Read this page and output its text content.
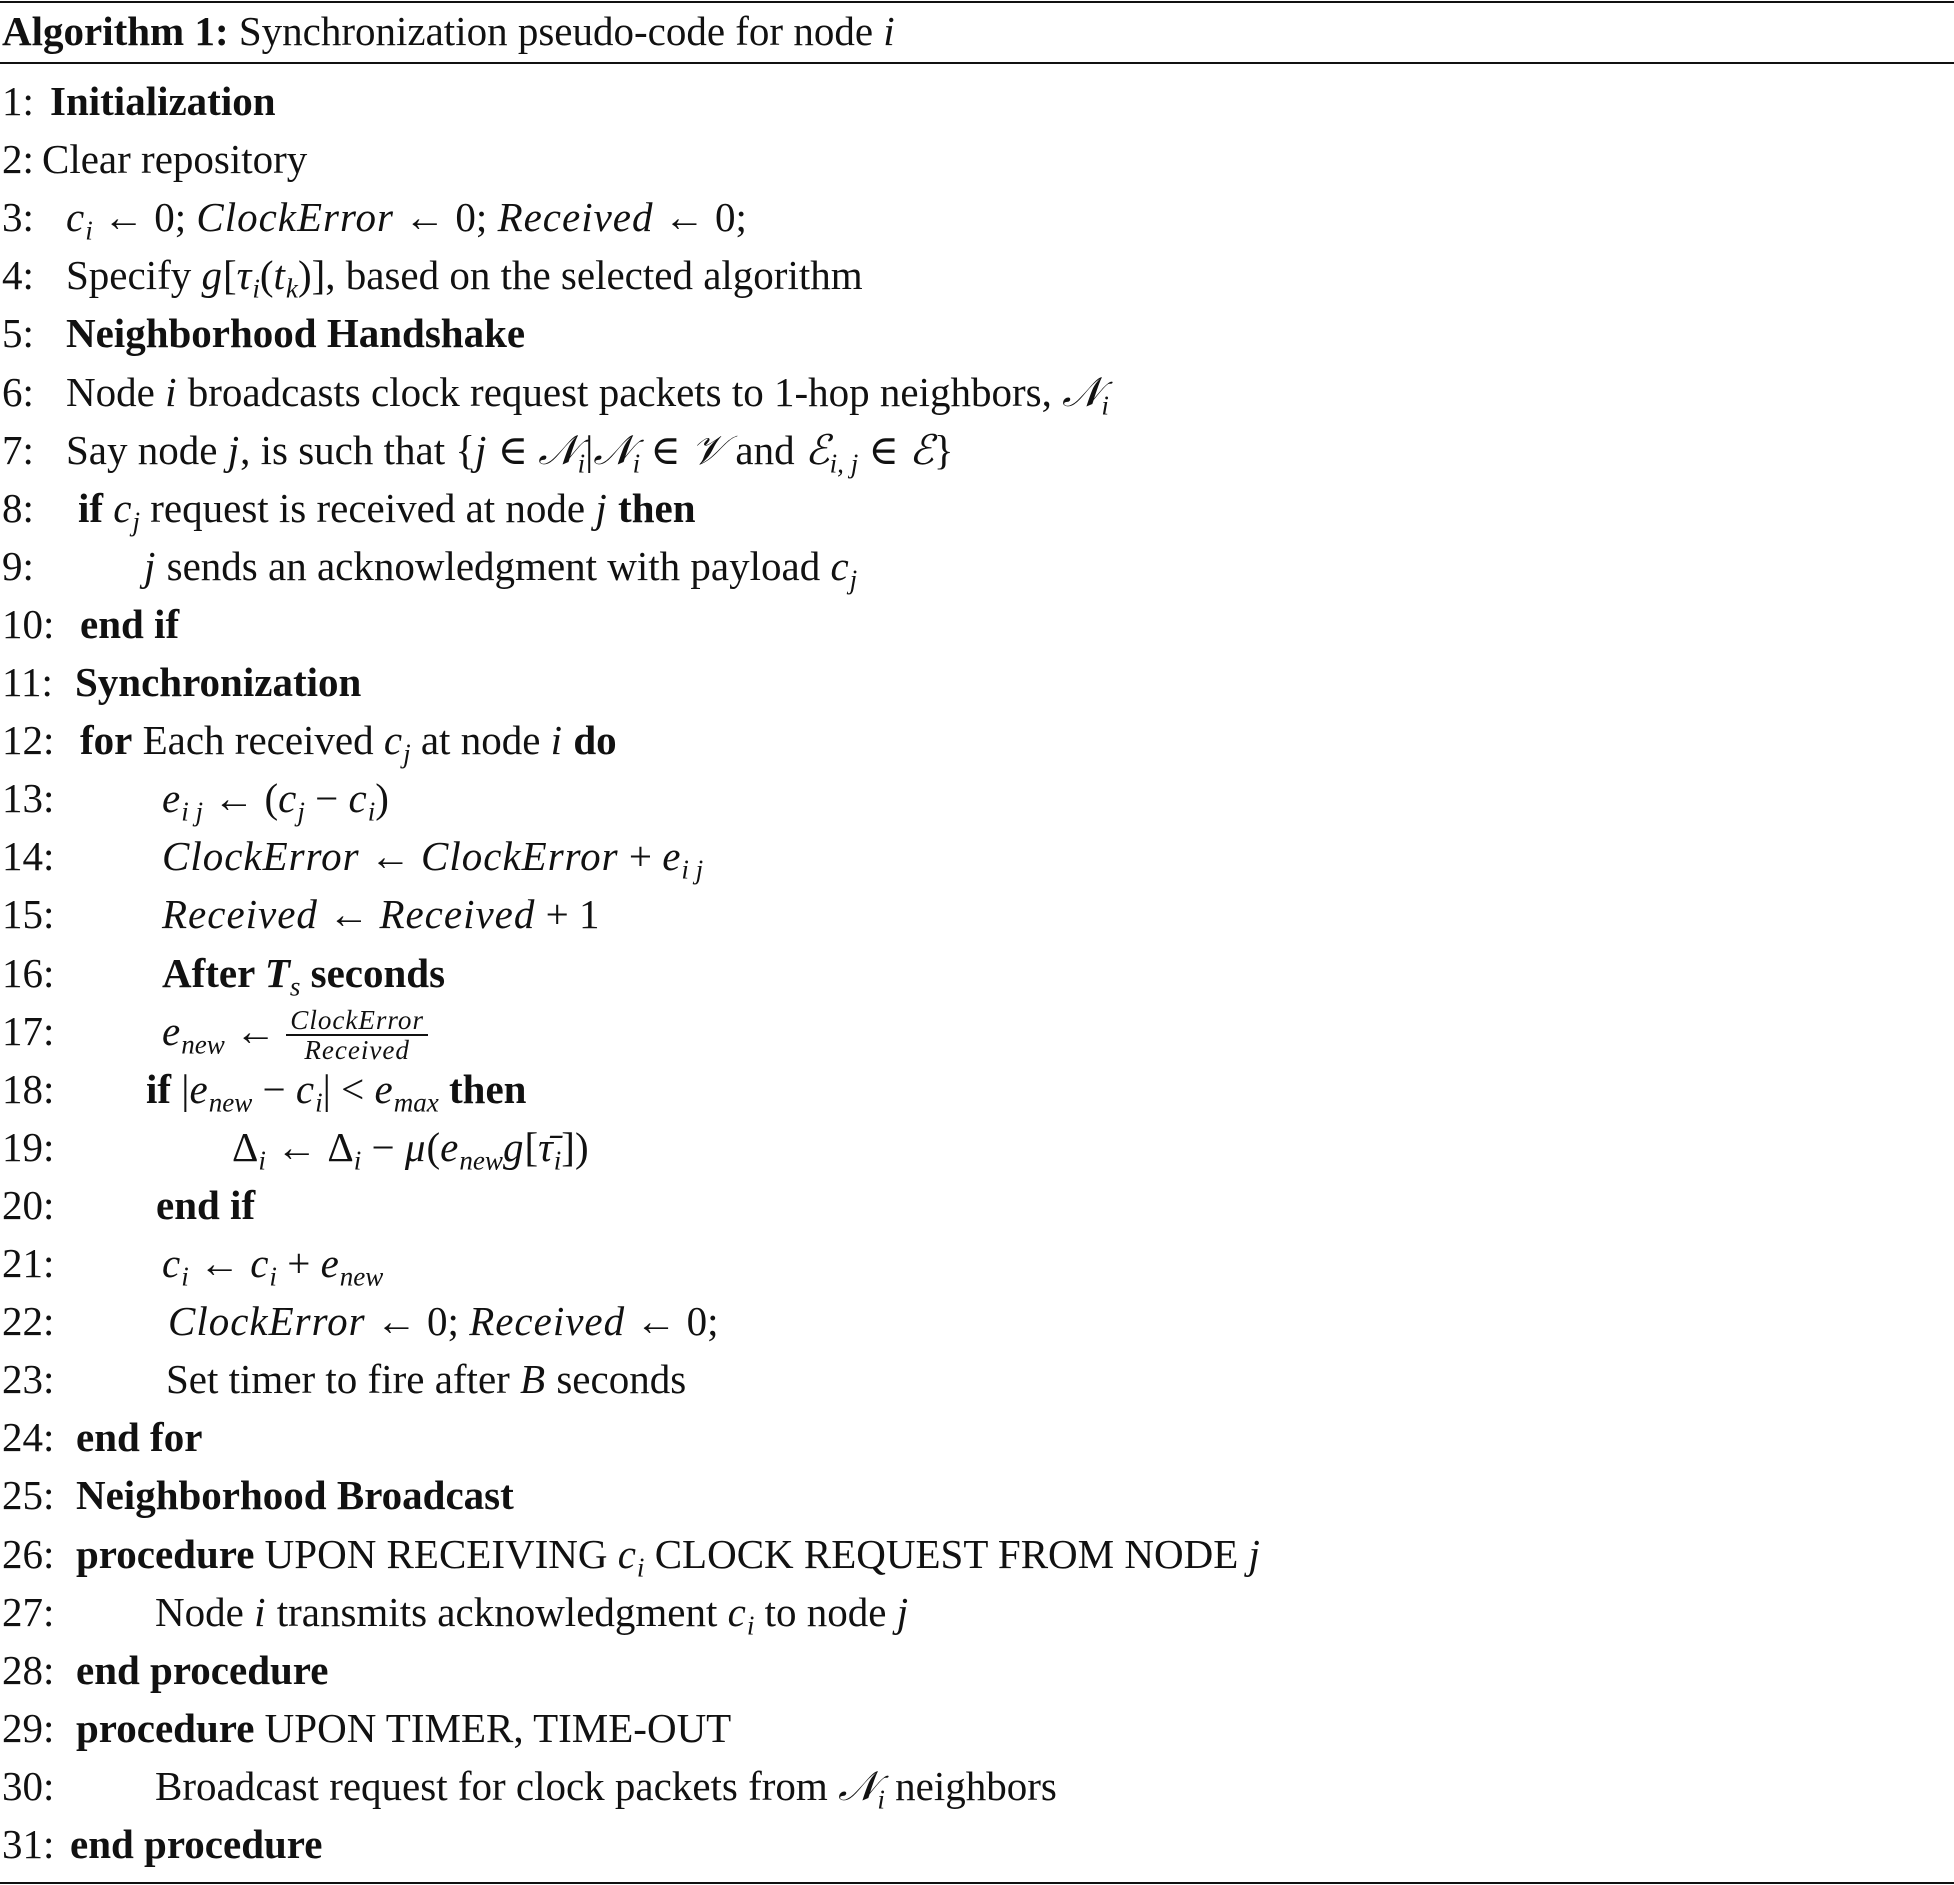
Algorithm 1: Synchronization pseudo-code for node i
1: Initialization
2: Clear repository
3: $c_i$ ← 0; ClockError ← 0; Received ← 0;
4: Specify $g[\tau_i(t_k)]$, based on the selected algorithm
5: Neighborhood Handshake
6: Node i broadcasts clock request packets to 1-hop neighbors, 𝒩$_i$
7: Say node j, is such that {j ∈ 𝒩$_i$|𝒩$_i$ ∈ 𝒱 and ℰ$_{i, j}$ ∈ ℰ}
8: if $c_j$ request is received at node j then
9:	j sends an acknowledgment with payload $c_j$
10: end if
11: Synchronization
12: for Each received $c_j$ at node i do
13:	$e_{i j}$ ← $(c_j - c_i)$
14:	ClockError ← ClockError + $e_{i j}$
15:	Received ← Received + 1
16:	After $T_s$ seconds
17:	$e_{new}$ ← $\frac{\text{ClockError}}{\text{Received}}$
18: if $|e_{new} - c_i| < e_{max}$ then
19:	$\Delta_i$ ← $\Delta_i$ − $\mu(e_{new}g[\taū_i])$
20: end if
21:	$c_i$ ← $c_i + e_{new}$
22:	ClockError ← 0; Received ← 0;
23:	Set timer to fire after B seconds
24: end for
25: Neighborhood Broadcast
26: procedure UPON RECEIVING $c_i$ CLOCK REQUEST FROM NODE j
27: Node i transmits acknowledgment $c_i$ to node j
28: end procedure
29: procedure UPON TIMER, TIME-OUT
30: Broadcast request for clock packets from 𝒩$_i$ neighbors
31: end procedure
